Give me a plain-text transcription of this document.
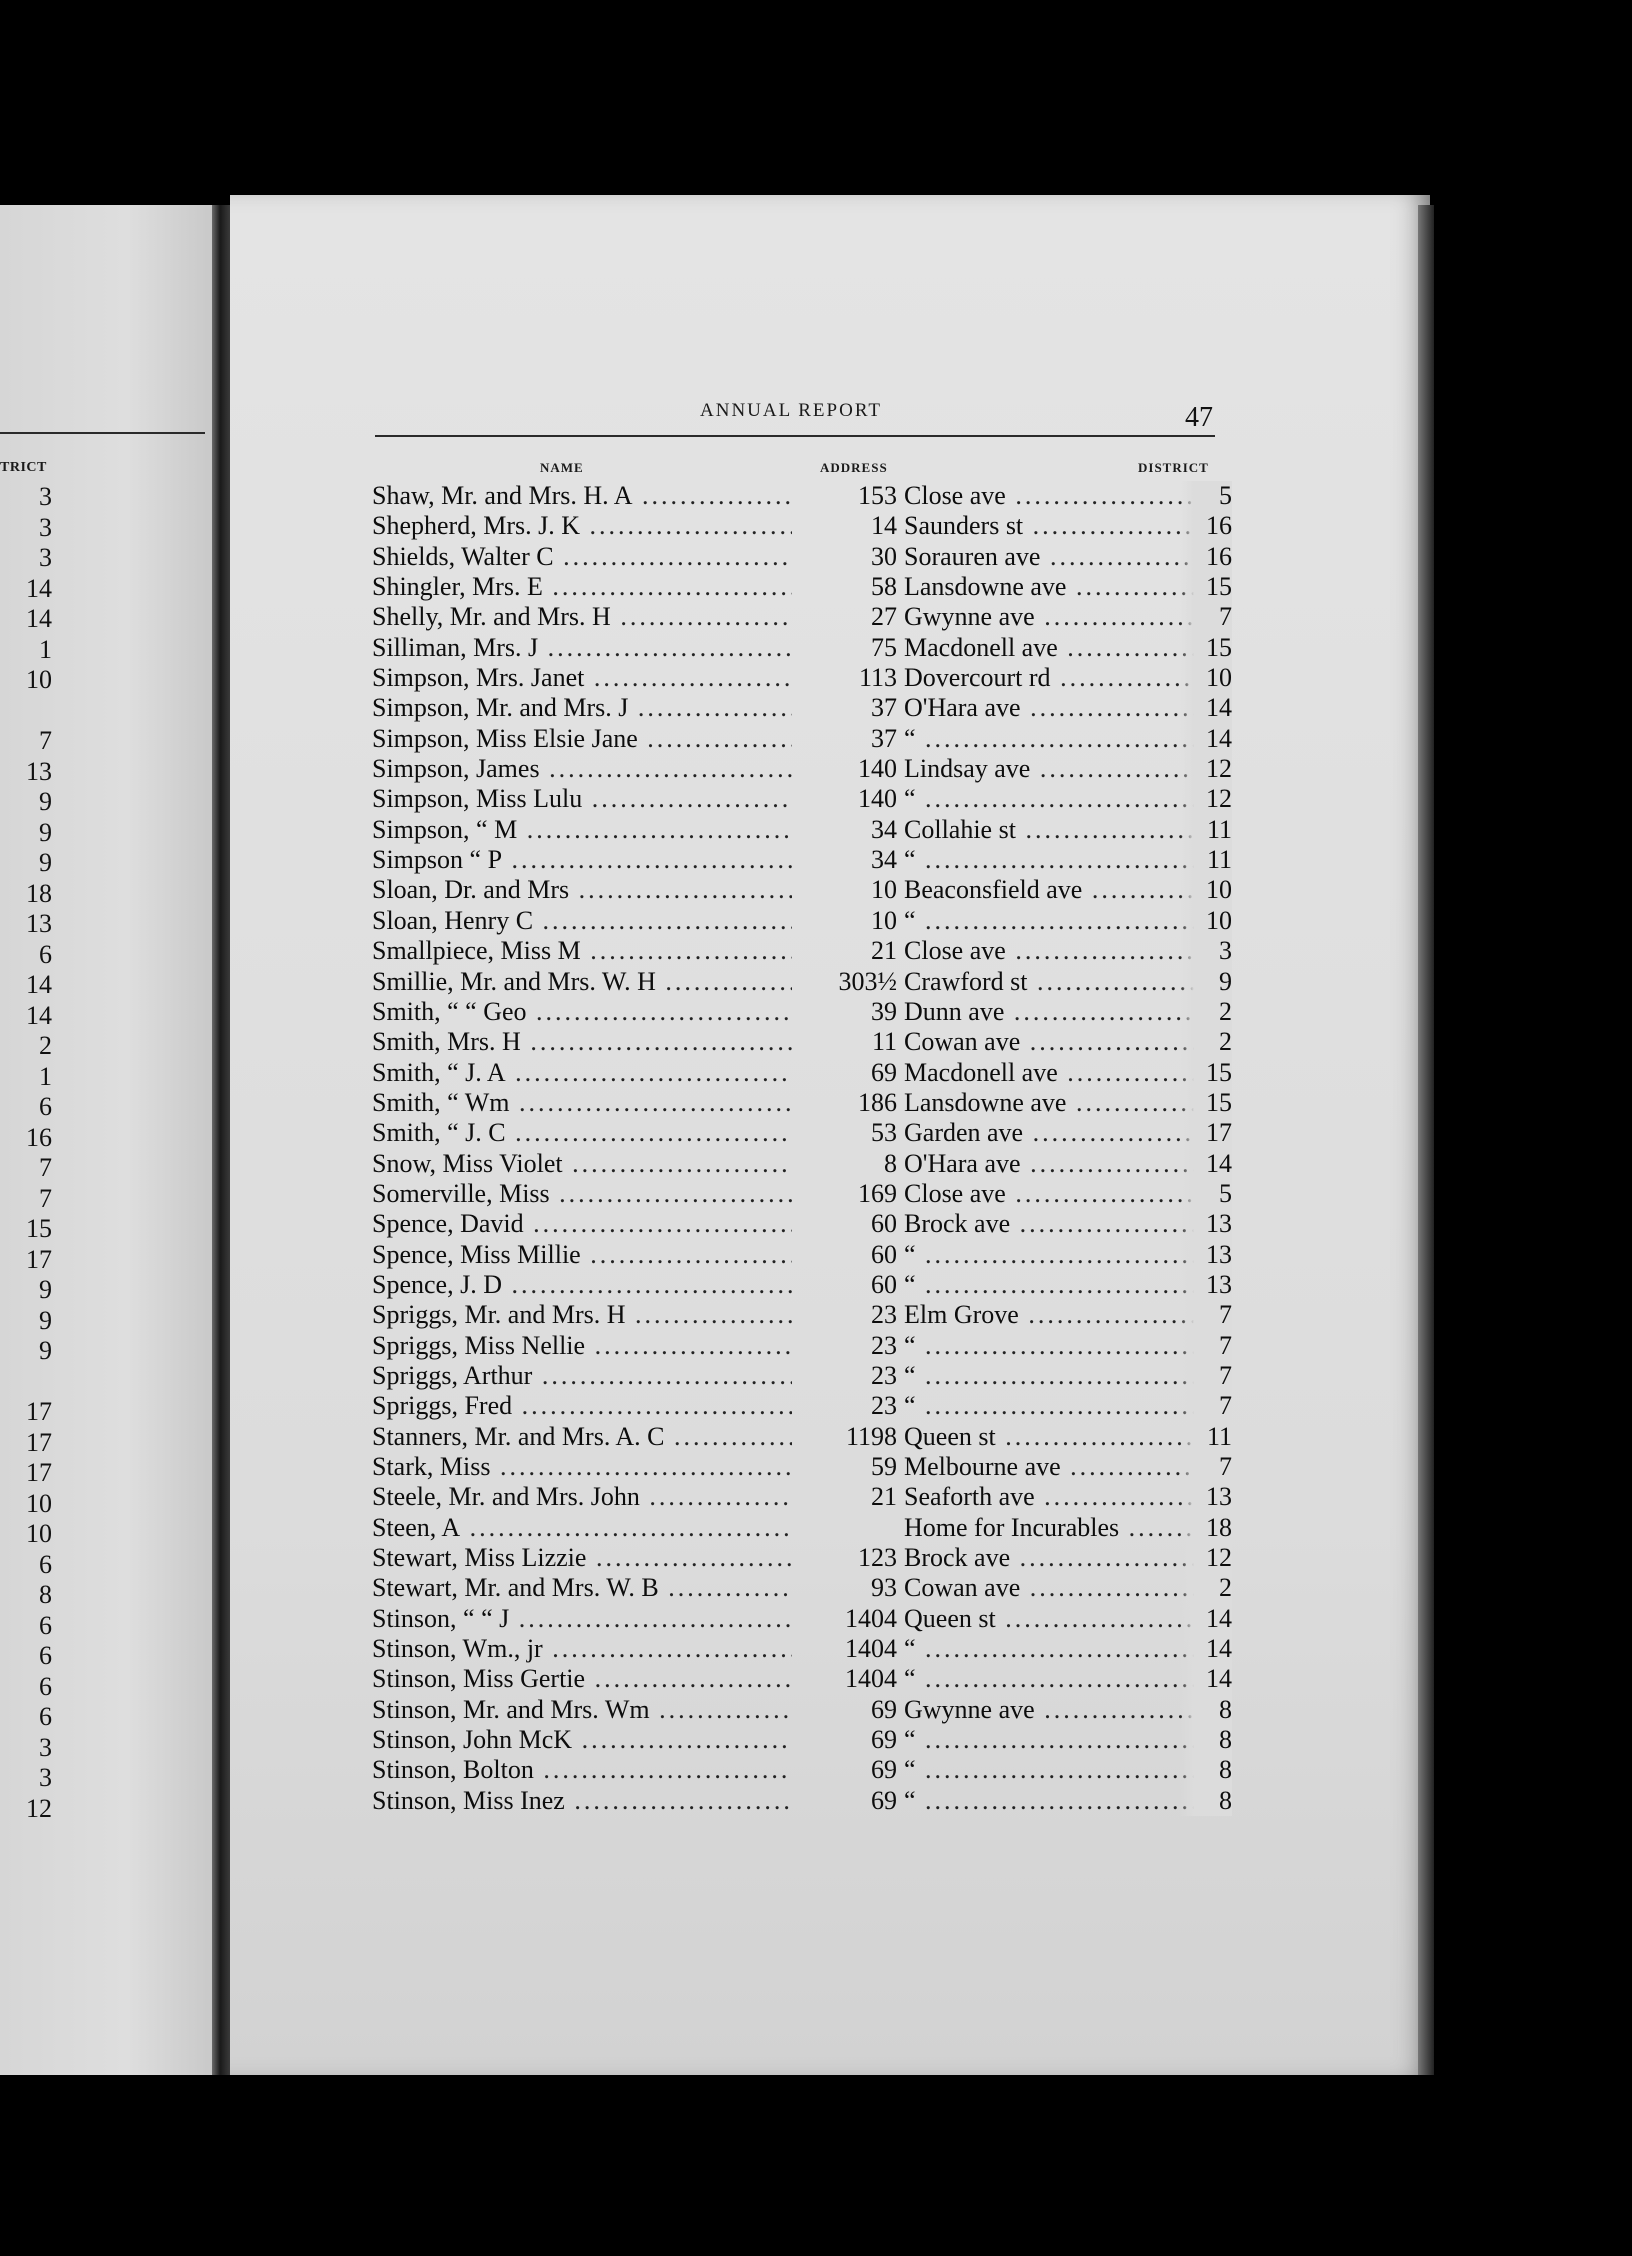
TRICT
3
3
3
14
14
1
10
7
13
9
9
9
18
13
6
14
14
2
1
6
16
7
7
15
17
9
9
9
17
17
17
10
10
6
8
6
6
6
6
3
3
12
ANNUAL REPORT	47
NAME	ADDRESS	DISTRICT
Shaw, Mr. and Mrs. H. A .....	153 Close ave .....	5
Shepherd, Mrs. J. K .....	14 Saunders st .....	16
Shields, Walter C .....	30 Sorauren ave .....	16
Shingler, Mrs. E .....	58 Lansdowne ave .....	15
Shelly, Mr. and Mrs. H .....	27 Gwynne ave .....	7
Silliman, Mrs. J .....	75 Macdonell ave .....	15
Simpson, Mrs. Janet .....	113 Dovercourt rd .....	10
Simpson, Mr. and Mrs. J .....	37 O'Hara ave .....	14
Simpson, Miss Elsie Jane .....	37 “ .....	14
Simpson, James .....	140 Lindsay ave .....	12
Simpson, Miss Lulu .....	140 “ .....	12
Simpson, “ M .....	34 Collahie st .....	11
Simpson “ P .....	34 “ .....	11
Sloan, Dr. and Mrs .....	10 Beaconsfield ave .....	10
Sloan, Henry C .....	10 “ .....	10
Smallpiece, Miss M .....	21 Close ave .....	3
Smillie, Mr. and Mrs. W. H .....	303½ Crawford st .....	9
Smith, “ “ Geo .....	39 Dunn ave .....	2
Smith, Mrs. H .....	11 Cowan ave .....	2
Smith, “ J. A .....	69 Macdonell ave .....	15
Smith, “ Wm .....	186 Lansdowne ave .....	15
Smith, “ J. C .....	53 Garden ave .....	17
Snow, Miss Violet .....	8 O'Hara ave .....	14
Somerville, Miss .....	169 Close ave .....	5
Spence, David .....	60 Brock ave .....	13
Spence, Miss Millie .....	60 “ .....	13
Spence, J. D .....	60 “ .....	13
Spriggs, Mr. and Mrs. H .....	23 Elm Grove .....	7
Spriggs, Miss Nellie .....	23 “ .....	7
Spriggs, Arthur .....	23 “ .....	7
Spriggs, Fred .....	23 “ .....	7
Stanners, Mr. and Mrs. A. C .....	1198 Queen st .....	11
Stark, Miss .....	59 Melbourne ave .....	7
Steele, Mr. and Mrs. John .....	21 Seaforth ave .....	13
Steen, A .....	Home for Incurables .....	18
Stewart, Miss Lizzie .....	123 Brock ave .....	12
Stewart, Mr. and Mrs. W. B .....	93 Cowan ave .....	2
Stinson, “ “ J .....	1404 Queen st .....	14
Stinson, Wm., jr .....	1404 “ .....	14
Stinson, Miss Gertie .....	1404 “ .....	14
Stinson, Mr. and Mrs. Wm .....	69 Gwynne ave .....	8
Stinson, John McK .....	69 “ .....	8
Stinson, Bolton .....	69 “ .....	8
Stinson, Miss Inez .....	69 “ .....	8
